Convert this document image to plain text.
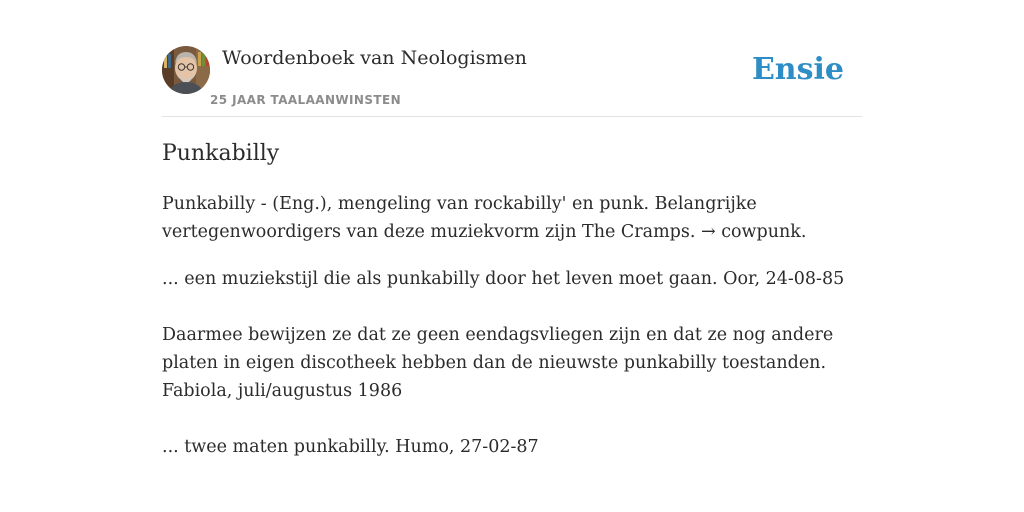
Woordenboek van Neologismen
25 JAAR TAALAANWINSTEN
Ensie
Punkabilly

Punkabilly - (Eng.), mengeling van rockabilly' en punk. Belangrijke
vertegenwoordigers van deze muziekvorm zijn The Cramps. → cowpunk.

... een muziekstijl die als punkabilly door het leven moet gaan. Oor, 24-08-85

Daarmee bewijzen ze dat ze geen eendagsvliegen zijn en dat ze nog andere
platen in eigen discotheek hebben dan de nieuwste punkabilly toestanden.
Fabiola, juli/augustus 1986

... twee maten punkabilly. Humo, 27-02-87
